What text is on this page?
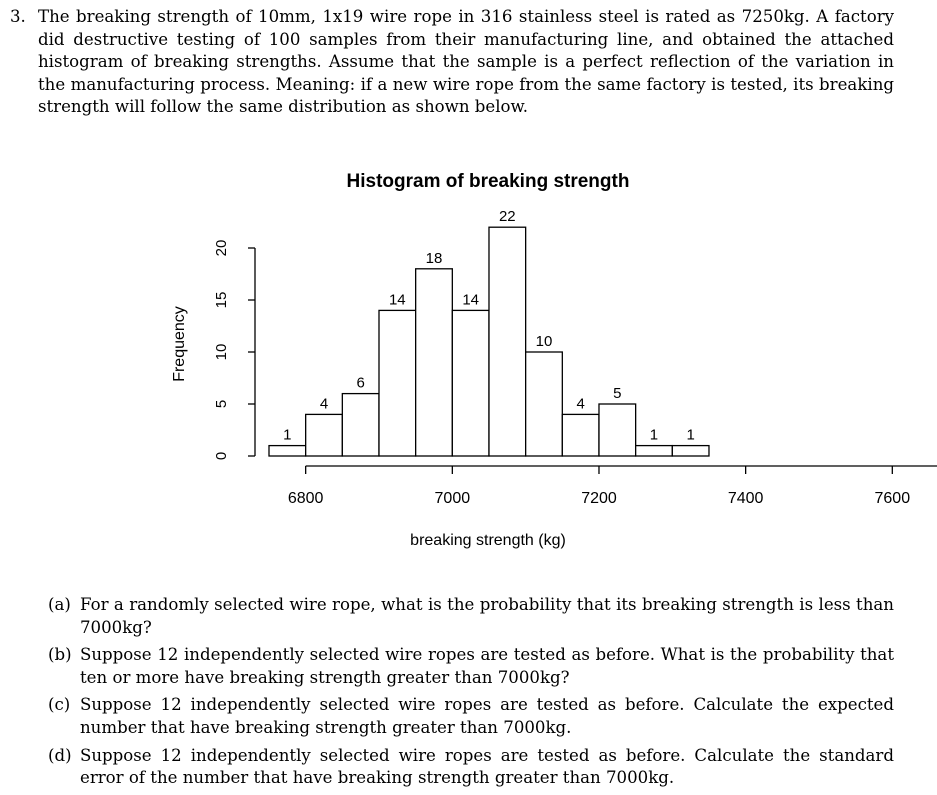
3. The breaking strength of 10mm, 1x19 wire rope in 316 stainless steel is rated as 7250kg. A factory did destructive testing of 100 samples from their manufacturing line, and obtained the attached histogram of breaking strengths. Assume that the sample is a perfect reflection of the variation in the manufacturing process. Meaning: if a new wire rope from the same factory is tested, its breaking strength will follow the same distribution as shown below.
Histogram of breaking strength
Frequency
breaking strength (kg)
1
4
6
14
18
14
22
10
4
5
1 1
6800	7000	7200	7400	7600
0
5
10
15
20
(a) For a randomly selected wire rope, what is the probability that its breaking strength is less than 7000kg?
(b) Suppose 12 independently selected wire ropes are tested as before. What is the probability that ten or more have breaking strength greater than 7000kg?
(c) Suppose 12 independently selected wire ropes are tested as before. Calculate the expected number that have breaking strength greater than 7000kg.
(d) Suppose 12 independently selected wire ropes are tested as before. Calculate the standard error of the number that have breaking strength greater than 7000kg.
